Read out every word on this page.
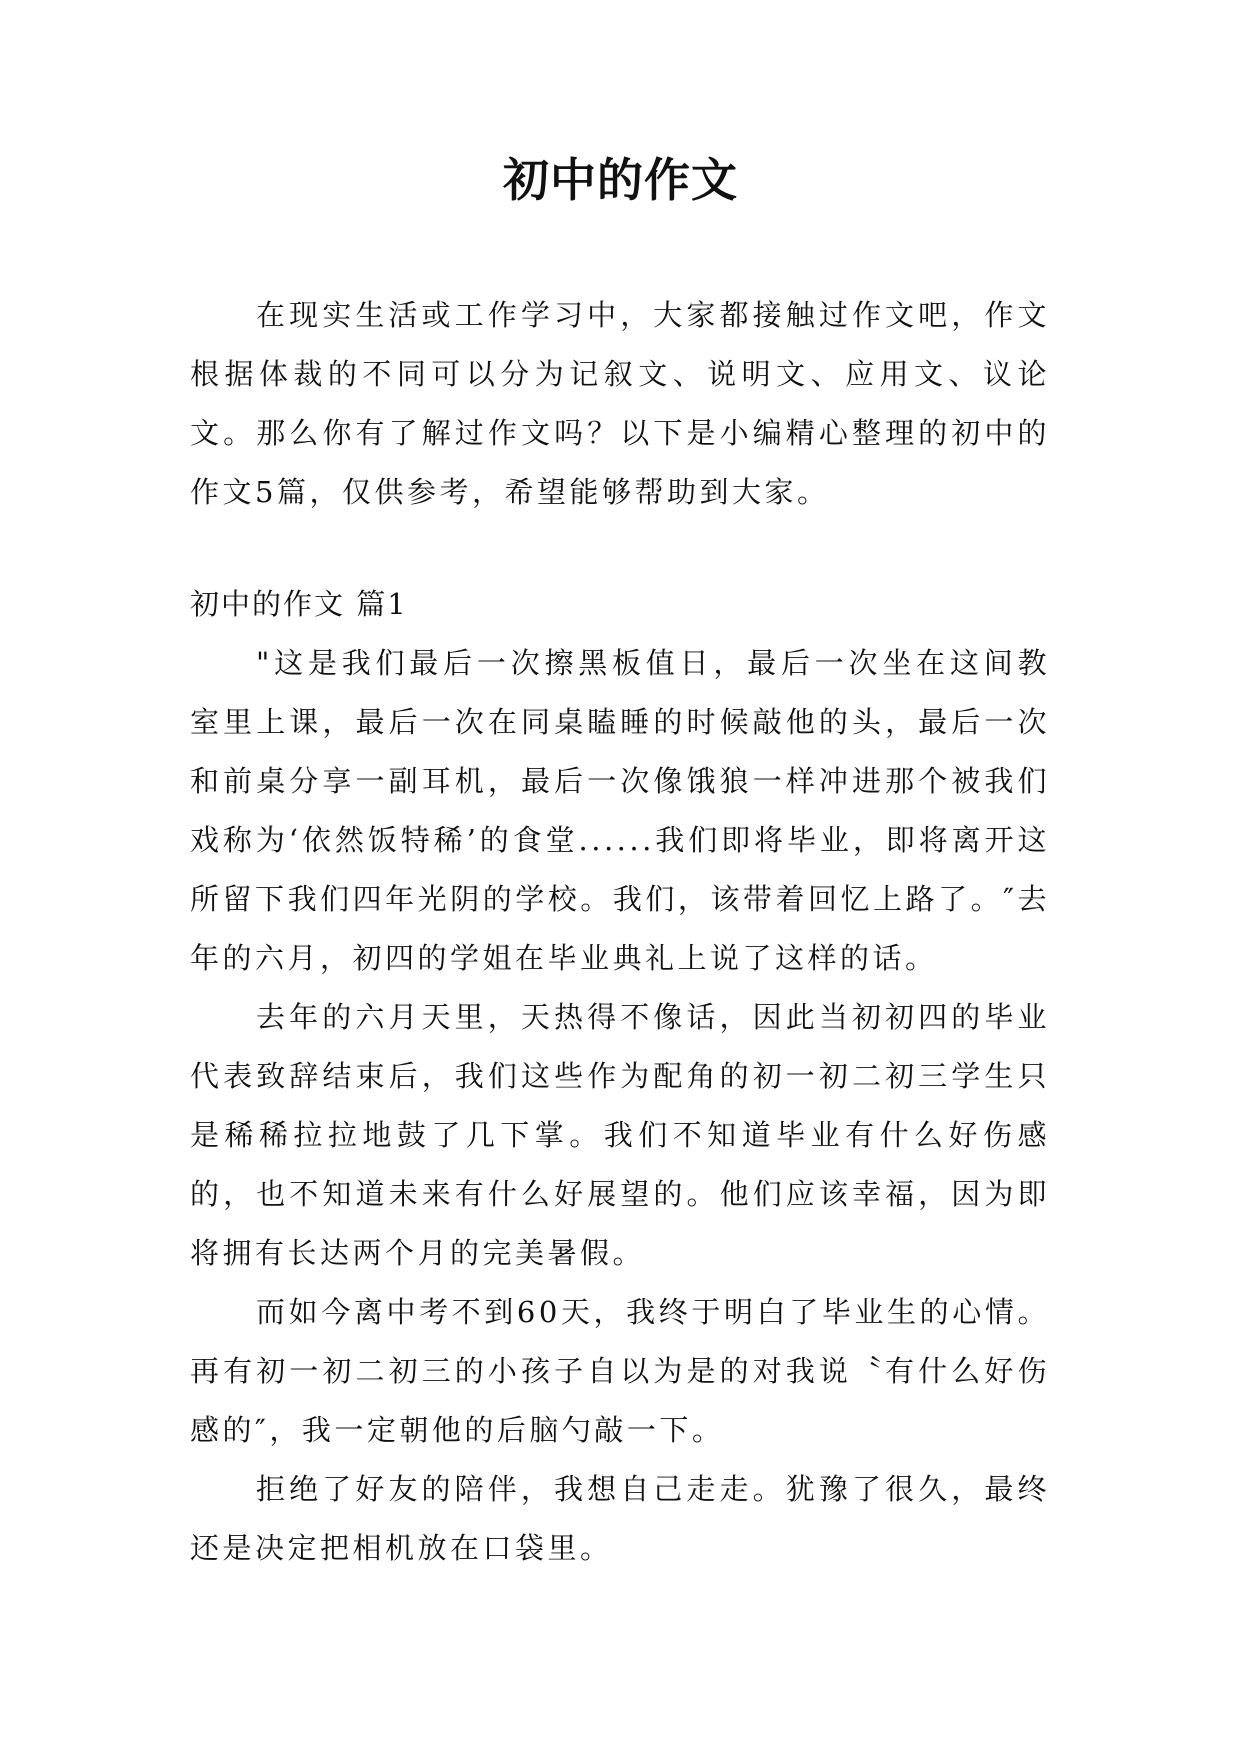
初中的作文

在现实生活或工作学习中，大家都接触过作文吧，作文根据体裁的不同可以分为记叙文、说明文、应用文、议论文。那么你有了解过作文吗？以下是小编精心整理的初中的作文5篇，仅供参考，希望能够帮助到大家。

初中的作文 篇1

"这是我们最后一次擦黑板值日，最后一次坐在这间教室里上课，最后一次在同桌瞌睡的时候敲他的头，最后一次和前桌分享一副耳机，最后一次像饿狼一样冲进那个被我们戏称为‘依然饭特稀’的食堂......我们即将毕业，即将离开这所留下我们四年光阴的学校。我们，该带着回忆上路了。″去年的六月，初四的学姐在毕业典礼上说了这样的话。

去年的六月天里，天热得不像话，因此当初初四的毕业代表致辞结束后，我们这些作为配角的初一初二初三学生只是稀稀拉拉地鼓了几下掌。我们不知道毕业有什么好伤感的，也不知道未来有什么好展望的。他们应该幸福，因为即将拥有长达两个月的完美暑假。

而如今离中考不到60天，我终于明白了毕业生的心情。再有初一初二初三的小孩子自以为是的对我说〝有什么好伤感的″，我一定朝他的后脑勺敲一下。

拒绝了好友的陪伴，我想自己走走。犹豫了很久，最终还是决定把相机放在口袋里。
